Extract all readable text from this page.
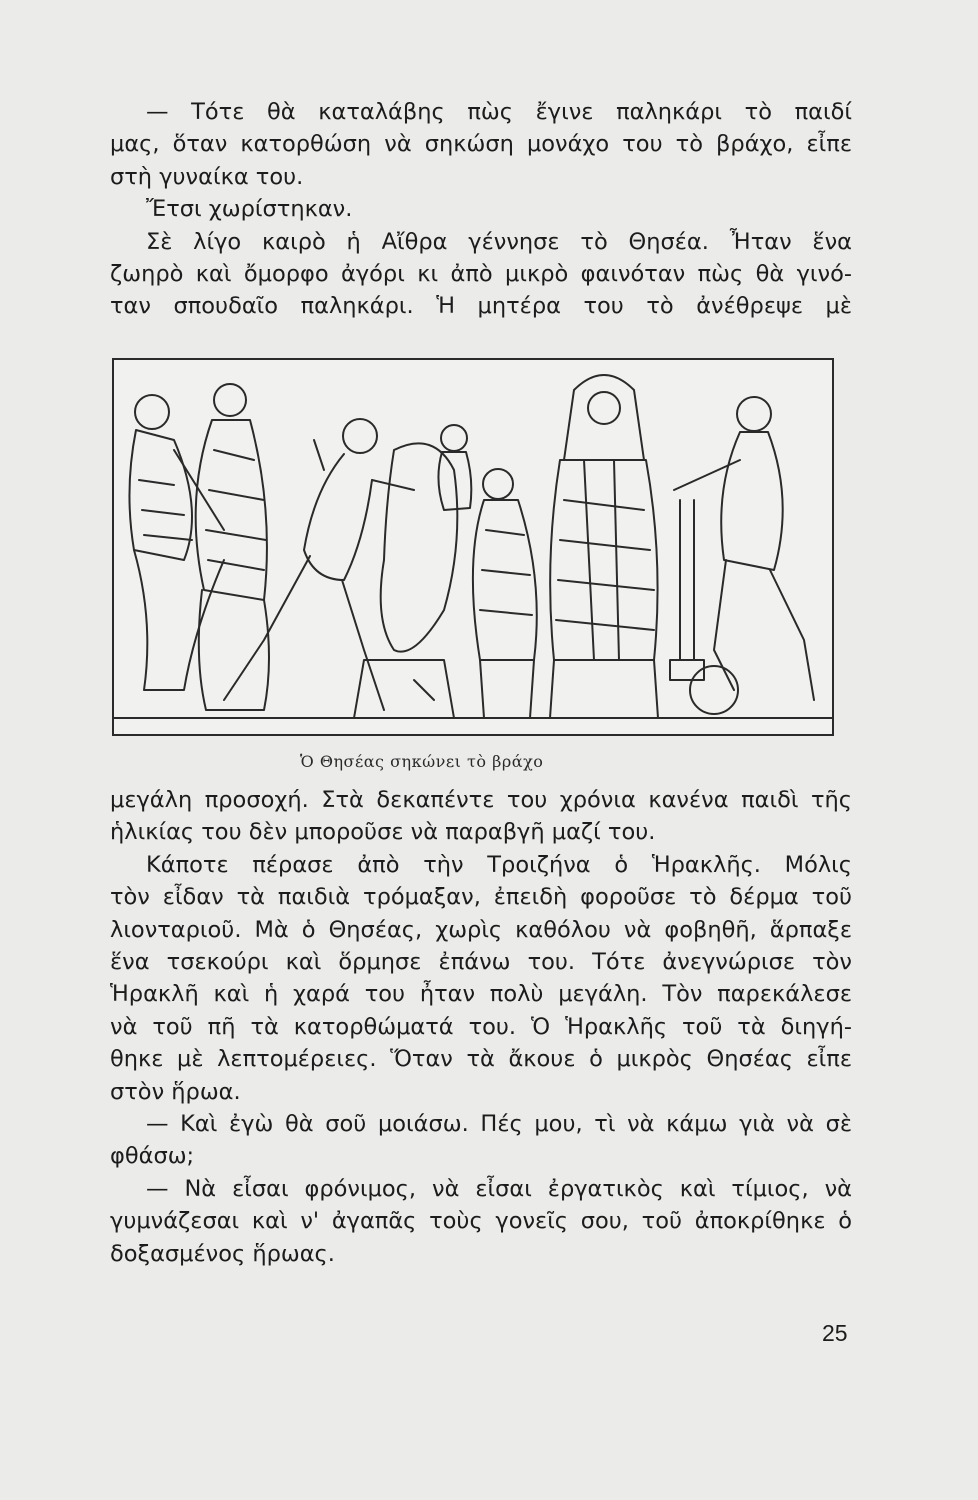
— Τότε θὰ καταλάβης πὼς ἔγινε παληκάρι τὸ παιδί
μας, ὅταν κατορθώση νὰ σηκώση μονάχο του τὸ βράχο, εἶπε
στὴ γυναίκα του.
Ἔτσι χωρίστηκαν.
Σὲ λίγο καιρὸ ἡ Αἴθρα γέννησε τὸ Θησέα. Ἦταν ἕνα
ζωηρὸ καὶ ὄμορφο ἀγόρι κι ἀπὸ μικρὸ φαινόταν πὼς θὰ γινό-
ταν σπουδαῖο παληκάρι. Ἡ μητέρα του τὸ ἀνέθρεψε μὲ
Ὁ Θησέας σηκώνει τὸ βράχο
μεγάλη προσοχή. Στὰ δεκαπέντε του χρόνια κανένα παιδὶ τῆς
ἡλικίας του δὲν μποροῦσε νὰ παραβγῆ μαζί του.
Κάποτε πέρασε ἀπὸ τὴν Τροιζήνα ὁ Ἡρακλῆς. Μόλις
τὸν εἶδαν τὰ παιδιὰ τρόμαξαν, ἐπειδὴ φοροῦσε τὸ δέρμα τοῦ
λιονταριοῦ. Μὰ ὁ Θησέας, χωρὶς καθόλου νὰ φοβηθῆ, ἅρπαξε
ἕνα τσεκούρι καὶ ὅρμησε ἐπάνω του. Τότε ἀνεγνώρισε τὸν
Ἡρακλῆ καὶ ἡ χαρά του ἦταν πολὺ μεγάλη. Τὸν παρεκάλεσε
νὰ τοῦ πῆ τὰ κατορθώματά του. Ὁ Ἡρακλῆς τοῦ τὰ διηγή-
θηκε μὲ λεπτομέρειες. Ὅταν τὰ ἄκουε ὁ μικρὸς Θησέας εἶπε
στὸν ἥρωα.
— Καὶ ἐγὼ θὰ σοῦ μοιάσω. Πές μου, τὶ νὰ κάμω γιὰ νὰ σὲ
φθάσω;
— Νὰ εἶσαι φρόνιμος, νὰ εἶσαι ἐργατικὸς καὶ τίμιος, νὰ
γυμνάζεσαι καὶ ν' ἀγαπᾶς τοὺς γονεῖς σου, τοῦ ἀποκρίθηκε ὁ
δοξασμένος ἥρωας.
25
